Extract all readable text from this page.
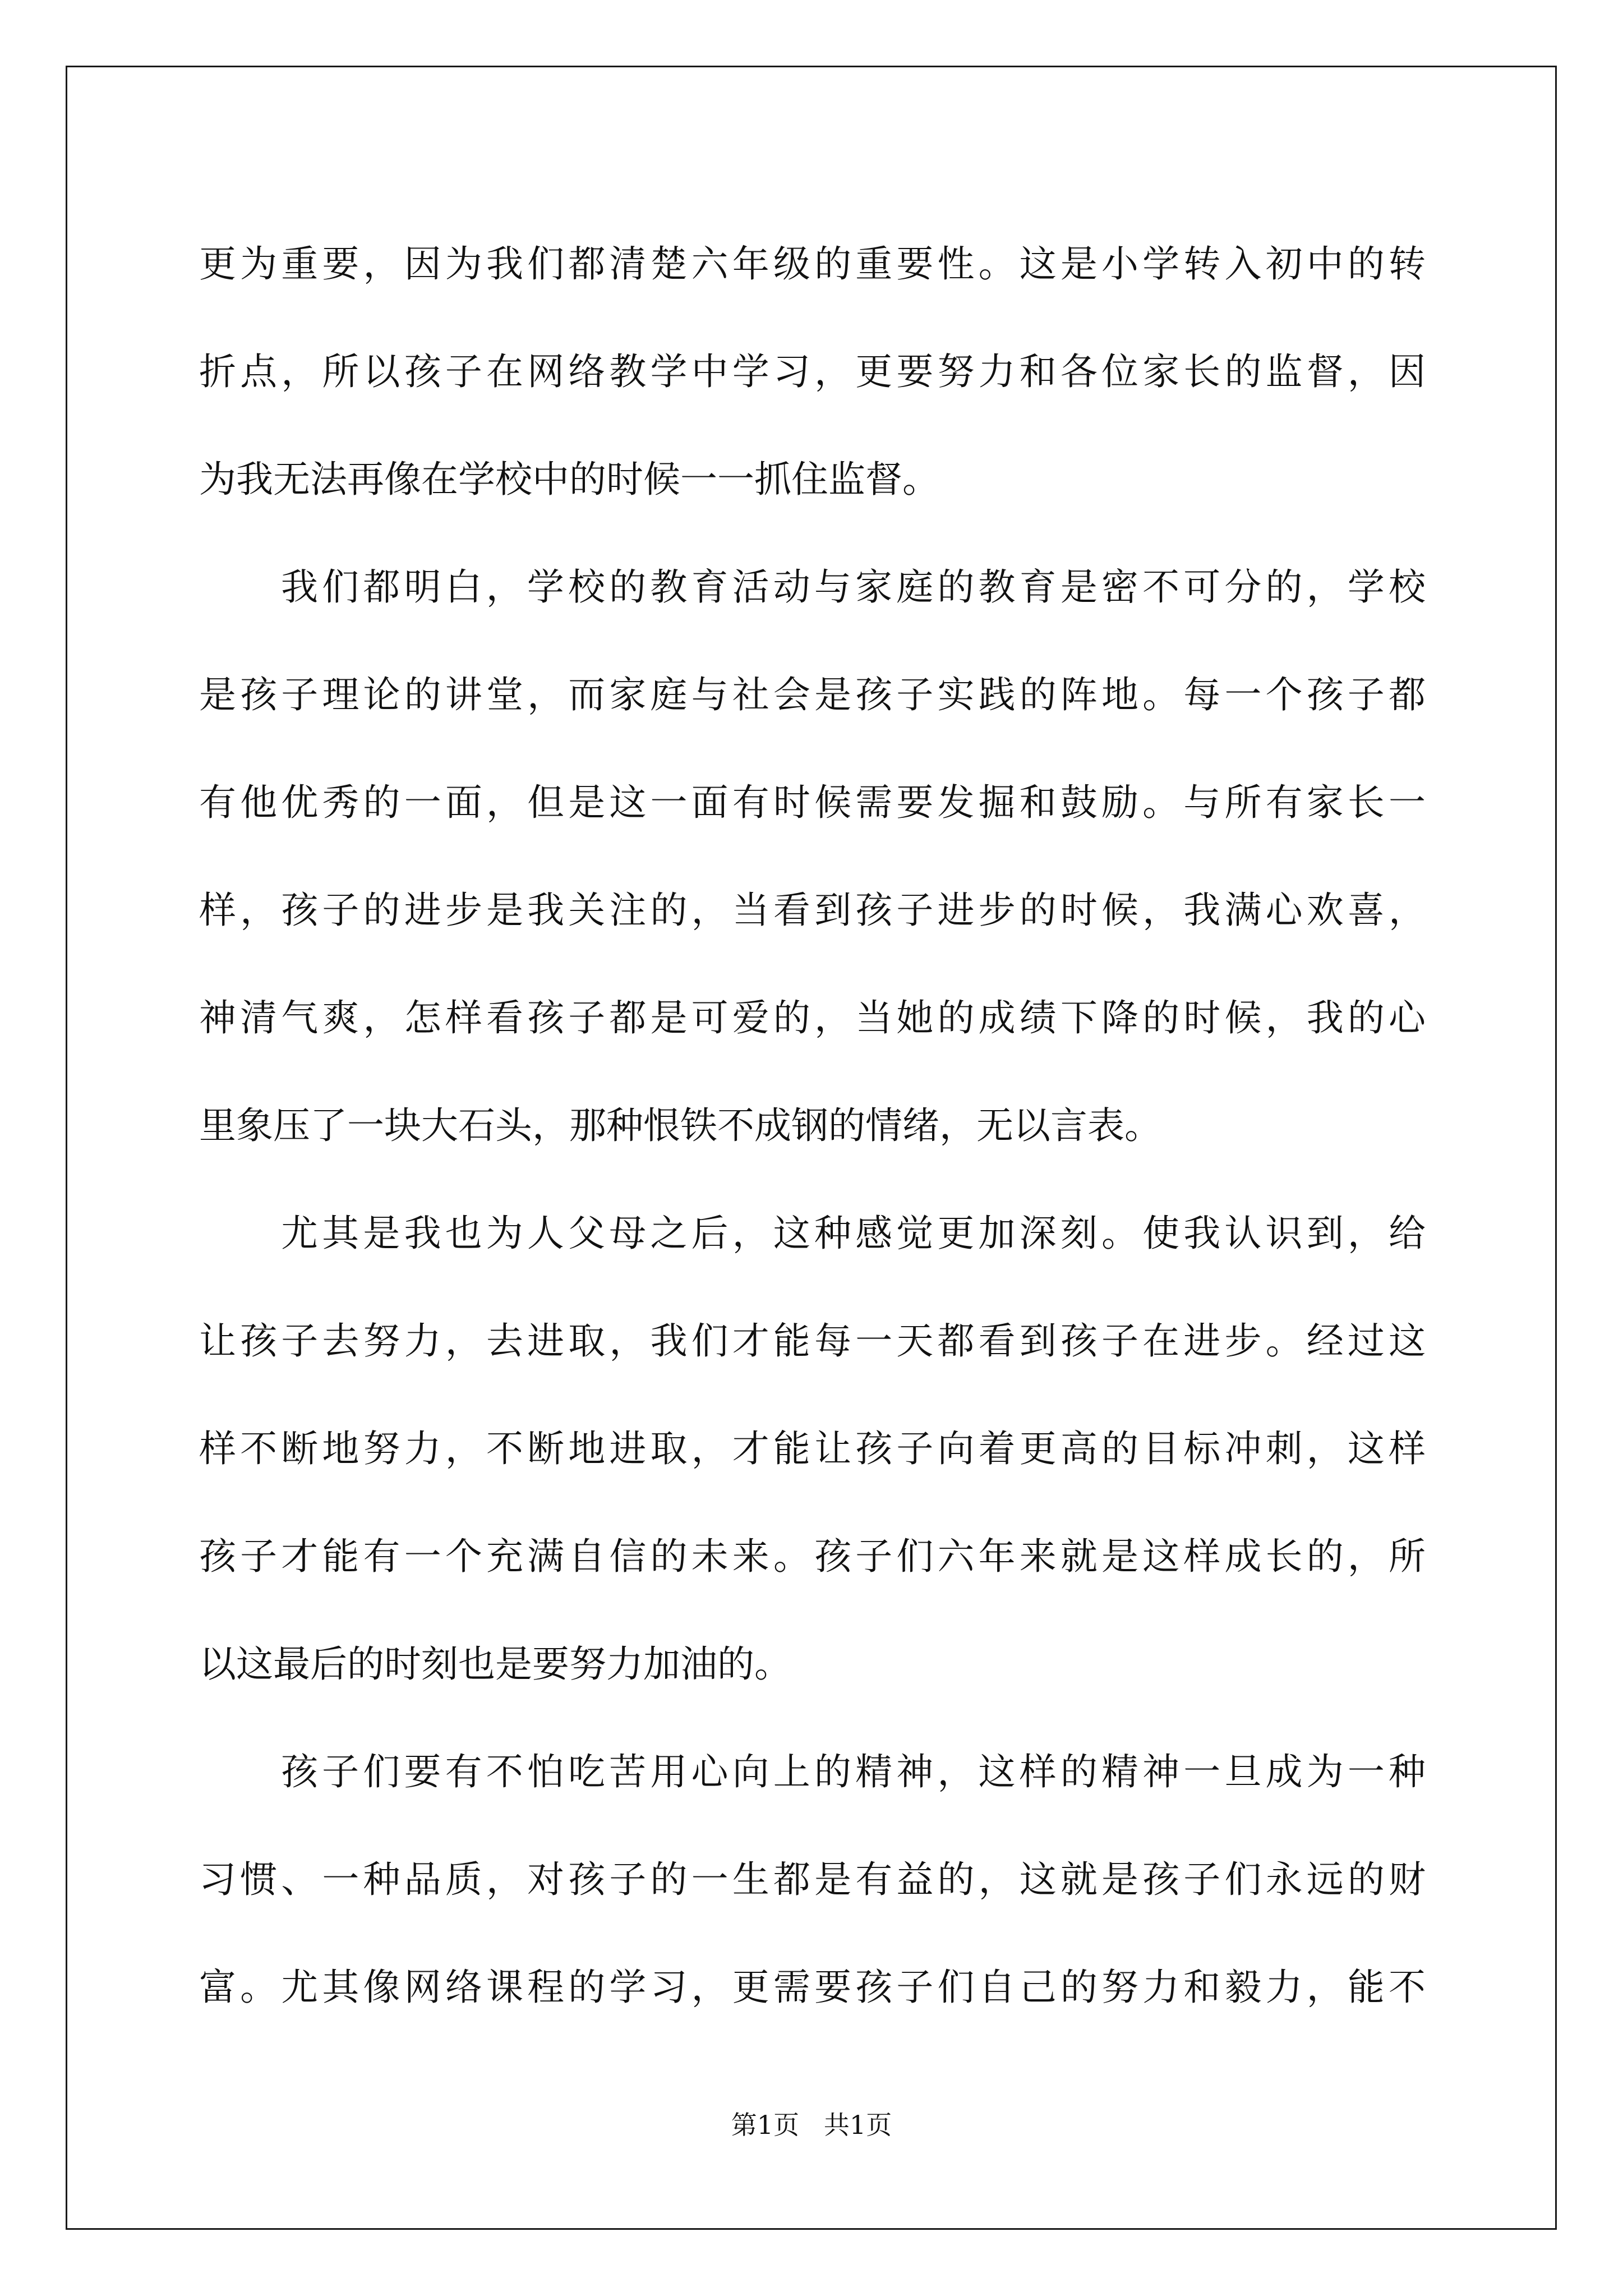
更为重要，因为我们都清楚六年级的重要性。这是小学转入初中的转
折点，所以孩子在网络教学中学习，更要努力和各位家长的监督，因
为我无法再像在学校中的时候一一抓住监督。
我们都明白，学校的教育活动与家庭的教育是密不可分的，学校
是孩子理论的讲堂，而家庭与社会是孩子实践的阵地。每一个孩子都
有他优秀的一面，但是这一面有时候需要发掘和鼓励。与所有家长一
样，孩子的进步是我关注的，当看到孩子进步的时候，我满心欢喜，
神清气爽，怎样看孩子都是可爱的，当她的成绩下降的时候，我的心
里象压了一块大石头，那种恨铁不成钢的情绪，无以言表。
尤其是我也为人父母之后，这种感觉更加深刻。使我认识到，给
让孩子去努力，去进取，我们才能每一天都看到孩子在进步。经过这
样不断地努力，不断地进取，才能让孩子向着更高的目标冲刺，这样
孩子才能有一个充满自信的未来。孩子们六年来就是这样成长的，所
以这最后的时刻也是要努力加油的。
孩子们要有不怕吃苦用心向上的精神，这样的精神一旦成为一种
习惯、一种品质，对孩子的一生都是有益的，这就是孩子们永远的财
富。尤其像网络课程的学习，更需要孩子们自己的努力和毅力，能不
第1页   共1页
